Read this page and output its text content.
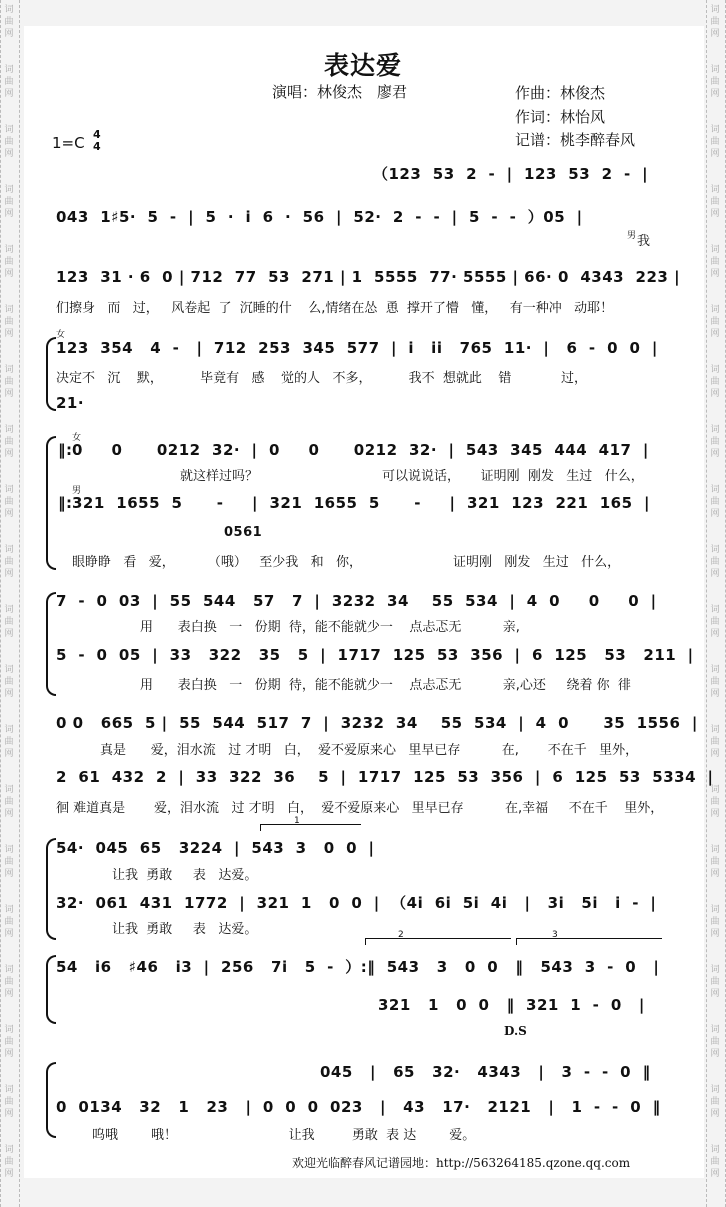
词
曲
网
词
曲
网
词
曲
网
词
曲
网
词
曲
网
词
曲
网
词
曲
网
词
曲
网
词
曲
网
词
曲
网
词
曲
网
词
曲
网
词
曲
网
词
曲
网
词
曲
网
词
曲
网
词
曲
网
词
曲
网
词
曲
网
词
曲
网
词
曲
网
词
曲
网
词
曲
网
词
曲
网
词
曲
网
词
曲
网
词
曲
网
词
曲
网
词
曲
网
词
曲
网
词
曲
网
词
曲
网
词
曲
网
词
曲
网
词
曲
网
词
曲
网
词
曲
网
词
曲
网
词
曲
网
词
曲
网
表达爱
演唱：林俊杰　廖君	作曲：林俊杰
作词：林怡风
记谱：桃李醉春风
1=C 4
4
（123  53  2  -  |  123  53  2  -  |
043  1♯5·  5  -  |  5  ·  i  6  ·  56  |  52·  2  -  -  |  5  -  -  ）05  |
男 我
123  31 · 6  0 | 712  77  53  271 | 1  5555  77· 5555 | 66· 0  4343  223 |
们擦身   而   过，   风卷起  了  沉睡的什    么,情绪在怂  恿  撑开了懵   懂，   有一种冲   动耶！
女
123  354   4  -   |  712  253  345  577  |  i   ii   765  11·  |   6  -  0  0  |
决定不   沉    默，         毕竟有   感    觉的人   不多，         我不  想就此    错            过，
21·
女
‖: 0     0      0212  32·  |  0     0      0212  32·  |  543  345  444  417  |
就这样过吗？                              可以说说话，     证明刚  刚发   生过   什么，
男
‖: 321  1655  5      -     |  321  1655  5      -     |  321  123  221  165  |
0561
眼睁睁   看   爱，        （哦）   至少我   和   你，                      证明刚   刚发   生过   什么，
7  -  0  03  |  55  544   57   7  |  3232  34    55  534  |  4  0     0     0  |
用      表白换   一   份期  待，能不能就少一    点忐忑无          亲,
5  -  0  05  |  33   322   35   5  |  1717  125  53  356  |  6  125   53   211  |
用      表白换   一   份期  待，能不能就少一    点忐忑无          亲,心还     绕着 你  徘
0 0   665  5 |  55  544  517  7  |  3232  34    55  534  |  4  0      35  1556  |
真是      爱，泪水流   过 才明   白，  爱不爱原来心   里早已存          在,       不在千   里外，
2  61  432  2  |  33  322  36    5  |  1717  125  53  356  |  6  125  53  5334  |
徊 难道真是       爱，泪水流   过 才明   白，  爱不爱原来心   里早已存          在,幸福     不在千    里外，
1
54·  045  65   3224  |  543  3   0  0  |
让我  勇敢     表   达爱。
32·  061  431  1772  |  321  1   0  0  |  （4i  6i  5i  4i   |   3i   5i   i  -  |
让我  勇敢     表   达爱。	2	3
54   i6   ♯46   i3  |  256   7i   5  -  ）:‖  543   3   0  0   ‖   543  3  -  0   |
321   1   0  0   ‖  321  1  -  0   |
D.S
045   |   65   32·   4343   |   3  -  -  0  ‖
0  0134   32   1   23   |  0  0  0  023   |   43   17·   2121   |   1  -  -  0  ‖
呜哦        哦！                           让我         勇敢  表 达        爱。
欢迎光临醉春风记谱园地：http://563264185.qzone.qq.com
